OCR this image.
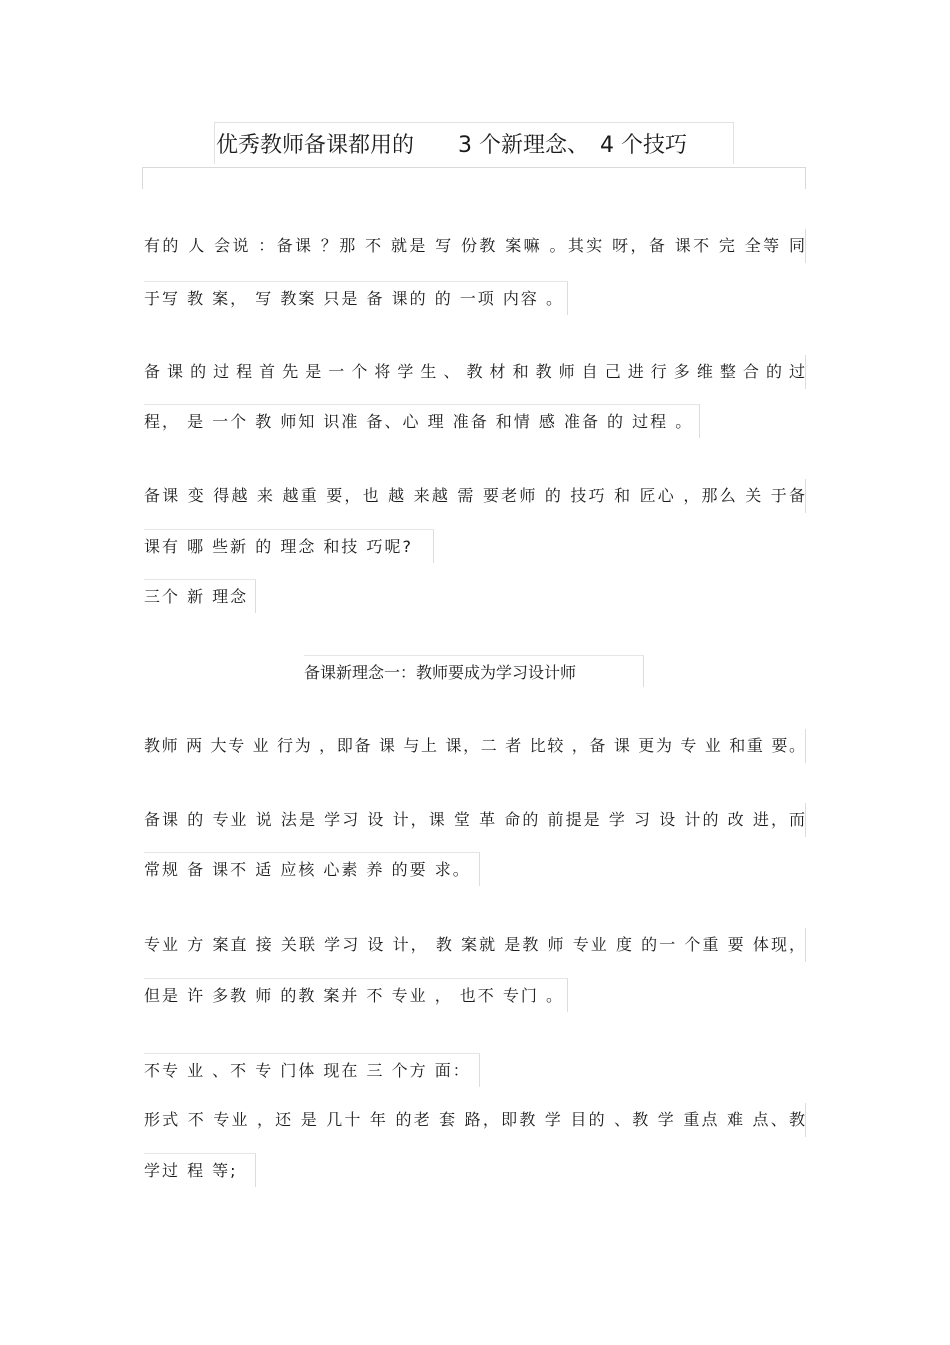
优秀教师备课都用的　　3 个新理念、　4 个技巧
有的 人 会说 ：备课 ？那 不 就是 写 份教 案嘛 。其实 呀，备 课不 完 全等 同
于写 教 案， 写 教案 只是 备 课的 的 一项 内容 。
备 课 的 过 程 首 先 是 一 个 将 学 生 、 教 材 和 教 师 自 己 进 行 多 维 整 合 的 过
程， 是 一个 教 师知 识准 备、心 理 准备 和情 感 准备 的 过程 。
备课 变 得越 来 越重 要，也 越 来越 需 要老师 的 技巧 和 匠心 ，那么 关 于备
课有 哪 些新 的 理念 和技 巧呢?
三个 新 理念
备课新理念一：教师要成为学习设计师
教师 两 大专 业 行为 ，即备 课 与上 课，二 者 比较 ，备 课 更为 专 业 和重 要。
备课 的 专业 说 法是 学习 设 计，课 堂 革 命的 前提是 学 习 设 计的 改 进，而
常规 备 课不 适 应核 心素 养 的要 求。
专业 方 案直 接 关联 学习 设 计， 教 案就 是教 师 专业 度 的一 个重 要 体现，
但是 许 多教 师 的教 案并 不 专业 ， 也不 专门 。
不专 业 、不 专 门体 现在 三 个方 面：
形式 不 专业 ，还 是 几十 年 的老 套 路，即教 学 目的 、教 学 重点 难 点、教
学过 程 等;
